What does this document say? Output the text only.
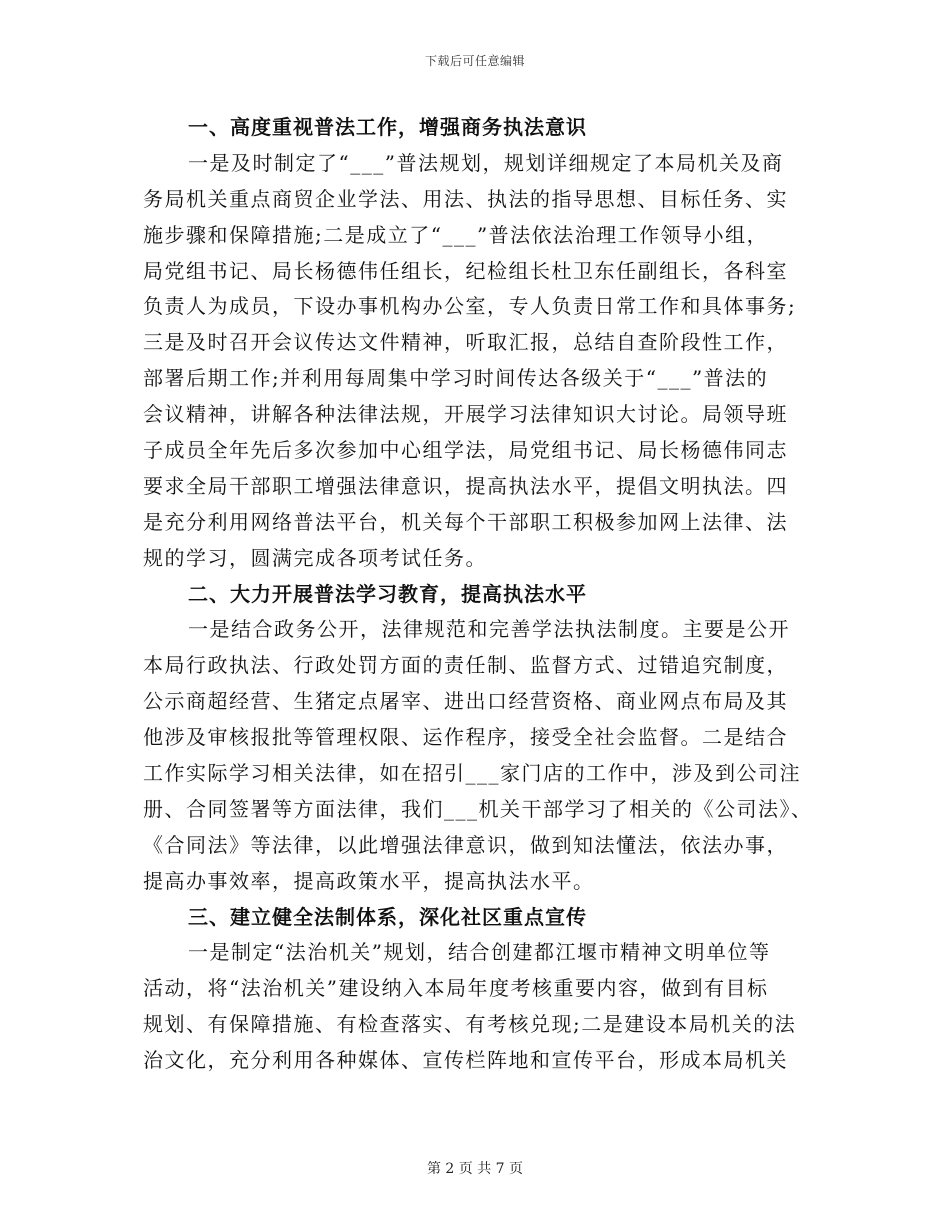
下载后可任意编辑
一、高度重视普法工作，增强商务执法意识
一是及时制定了“___”普法规划，规划详细规定了本局机关及商
务局机关重点商贸企业学法、用法、执法的指导思想、目标任务、实
施步骤和保障措施;二是成立了“___”普法依法治理工作领导小组，
局党组书记、局长杨德伟任组长，纪检组长杜卫东任副组长，各科室
负责人为成员，下设办事机构办公室，专人负责日常工作和具体事务;
三是及时召开会议传达文件精神，听取汇报，总结自查阶段性工作，
部署后期工作;并利用每周集中学习时间传达各级关于“___”普法的
会议精神，讲解各种法律法规，开展学习法律知识大讨论。局领导班
子成员全年先后多次参加中心组学法，局党组书记、局长杨德伟同志
要求全局干部职工增强法律意识，提高执法水平，提倡文明执法。四
是充分利用网络普法平台，机关每个干部职工积极参加网上法律、法
规的学习，圆满完成各项考试任务。
二、大力开展普法学习教育，提高执法水平
一是结合政务公开，法律规范和完善学法执法制度。主要是公开
本局行政执法、行政处罚方面的责任制、监督方式、过错追究制度，
公示商超经营、生猪定点屠宰、进出口经营资格、商业网点布局及其
他涉及审核报批等管理权限、运作程序，接受全社会监督。二是结合
工作实际学习相关法律，如在招引___家门店的工作中，涉及到公司注
册、合同签署等方面法律，我们___机关干部学习了相关的《公司法》、
《合同法》等法律，以此增强法律意识，做到知法懂法，依法办事，
提高办事效率，提高政策水平，提高执法水平。
三、建立健全法制体系，深化社区重点宣传
一是制定“法治机关”规划，结合创建都江堰市精神文明单位等
活动，将“法治机关”建设纳入本局年度考核重要内容，做到有目标
规划、有保障措施、有检查落实、有考核兑现;二是建设本局机关的法
治文化，充分利用各种媒体、宣传栏阵地和宣传平台，形成本局机关
第 2 页 共 7 页
